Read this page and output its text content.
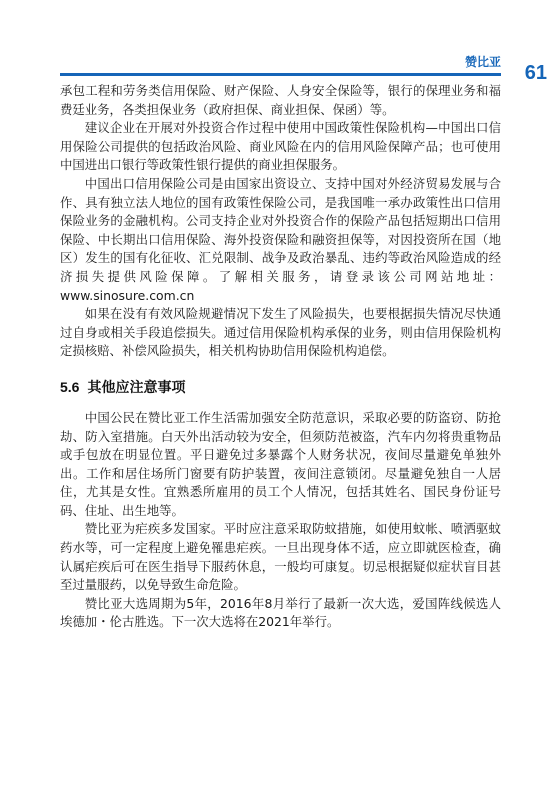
赞比亚 61

承包工程和劳务类信用保险、财产保险、人身安全保险等，银行的保理业务和福费廷业务，各类担保业务（政府担保、商业担保、保函）等。

建议企业在开展对外投资合作过程中使用中国政策性保险机构—中国出口信用保险公司提供的包括政治风险、商业风险在内的信用风险保障产品；也可使用中国进出口银行等政策性银行提供的商业担保服务。

中国出口信用保险公司是由国家出资设立、支持中国对外经济贸易发展与合作、具有独立法人地位的国有政策性保险公司，是我国唯一承办政策性出口信用保险业务的金融机构。公司支持企业对外投资合作的保险产品包括短期出口信用保险、中长期出口信用保险、海外投资保险和融资担保等，对因投资所在国（地区）发生的国有化征收、汇兑限制、战争及政治暴乱、违约等政治风险造成的经济损失提供风险保障。了解相关服务，请登录该公司网站地址：www.sinosure.com.cn

如果在没有有效风险规避情况下发生了风险损失，也要根据损失情况尽快通过自身或相关手段追偿损失。通过信用保险机构承保的业务，则由信用保险机构定损核赔、补偿风险损失，相关机构协助信用保险机构追偿。

5.6 其他应注意事项

中国公民在赞比亚工作生活需加强安全防范意识，采取必要的防盗窃、防抢劫、防入室措施。白天外出活动较为安全，但须防范被盗，汽车内勿将贵重物品或手包放在明显位置。平日避免过多暴露个人财务状况，夜间尽量避免单独外出。工作和居住场所门窗要有防护装置，夜间注意锁闭。尽量避免独自一人居住，尤其是女性。宜熟悉所雇用的员工个人情况，包括其姓名、国民身份证号码、住址、出生地等。

赞比亚为疟疾多发国家。平时应注意采取防蚊措施，如使用蚊帐、喷洒驱蚊药水等，可一定程度上避免罹患疟疾。一旦出现身体不适，应立即就医检查，确认属疟疾后可在医生指导下服药休息，一般均可康复。切忌根据疑似症状盲目甚至过量服药，以免导致生命危险。

赞比亚大选周期为5年，2016年8月举行了最新一次大选，爱国阵线候选人埃德加・伦古胜选。下一次大选将在2021年举行。
